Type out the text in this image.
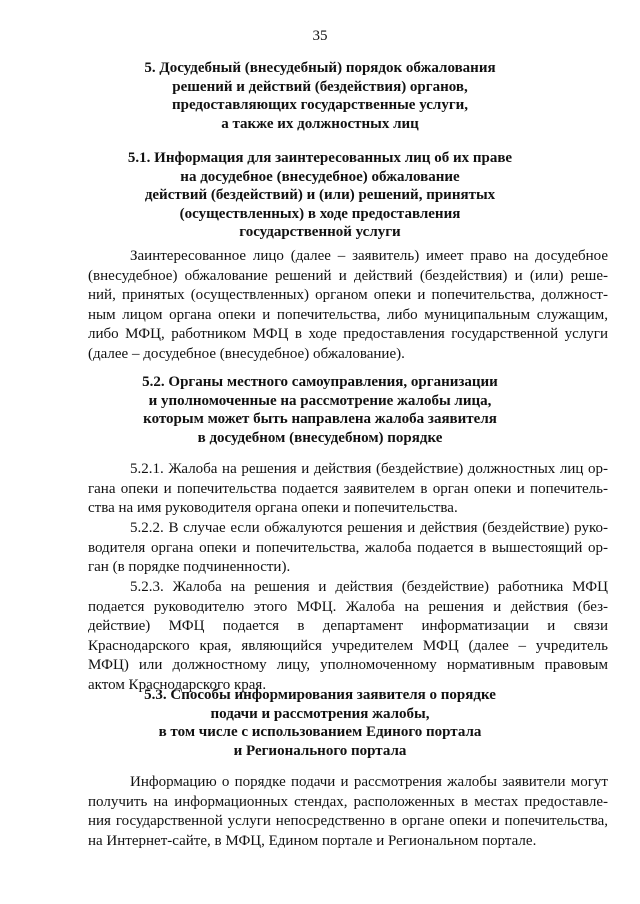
35
5. Досудебный (внесудебный) порядок обжалования
решений и действий (бездействия) органов,
предоставляющих государственные услуги,
а также их должностных лиц
5.1. Информация для заинтересованных лиц об их праве
на досудебное (внесудебное) обжалование
действий (бездействий) и (или) решений, принятых
(осуществленных) в ходе предоставления
государственной услуги
Заинтересованное лицо (далее – заявитель) имеет право на досудебное
(внесудебное) обжалование решений и действий (бездействия) и (или) реше-
ний, принятых (осуществленных) органом опеки и попечительства, должност-
ным лицом органа опеки и попечительства, либо муниципальным служащим,
либо МФЦ, работником МФЦ в ходе предоставления государственной услуги
(далее – досудебное (внесудебное) обжалование).
5.2. Органы местного самоуправления, организации
и уполномоченные на рассмотрение жалобы лица,
которым может быть направлена жалоба заявителя
в досудебном (внесудебном) порядке
5.2.1. Жалоба на решения и действия (бездействие) должностных лиц ор-
гана опеки и попечительства подается заявителем в орган опеки и попечитель-
ства на имя руководителя органа опеки и попечительства.
5.2.2. В случае если обжалуются решения и действия (бездействие) руко-
водителя органа опеки и попечительства, жалоба подается в вышестоящий ор-
ган (в порядке подчиненности).
5.2.3. Жалоба на решения и действия (бездействие) работника МФЦ
подается руководителю этого МФЦ. Жалоба на решения и действия (без-
действие) МФЦ подается в департамент информатизации и связи
Краснодарского края, являющийся учредителем МФЦ (далее – учредитель
МФЦ) или должностному лицу, уполномоченному нормативным правовым
актом Краснодарского края.
5.3. Способы информирования заявителя о порядке
подачи и рассмотрения жалобы,
в том числе с использованием Единого портала
и Регионального портала
Информацию о порядке подачи и рассмотрения жалобы заявители могут
получить на информационных стендах, расположенных в местах предоставле-
ния государственной услуги непосредственно в органе опеки и попечительства,
на Интернет-сайте, в МФЦ, Едином портале и Региональном портале.
